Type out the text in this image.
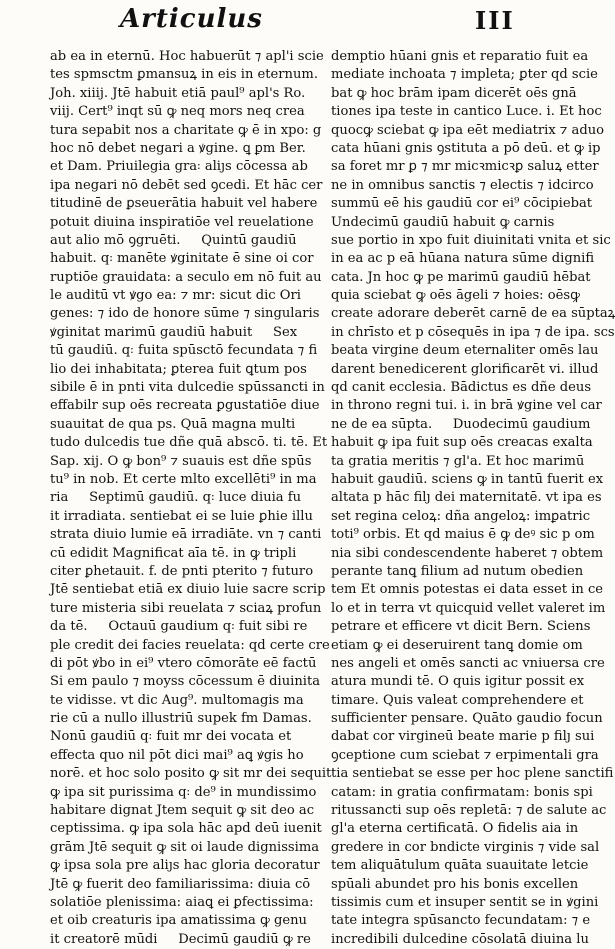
Articulus	III
ab ea in eternū. Hoc habuerūt ⁊ apl'i scie
tes spmsctm ꝑmansuꝝ in eis in eternum.
Joh. xiiij. Jtē habuit etiā paul⁹ apl's Ro.
viij. Cert⁹ inqt sū ꝙ neq mors neq crea
tura sepabit nos a charitate ꝙ ē in xpo: g
hoc nō debet negari a ꝟgine. ꝗ ꝑm Ber.
et Dam. Priuilegia gra꞉ aliȷs cōcessa ab
ipa negari nō debēt sed ꝯcedi. Et hāc cer
titudinē de ꝑseuerātia habuit vel habere
potuit diuina inspiratiōe vel reuelatione
aut alio mō ꝯgruēti.     Quintū gaudiū
habuit. q꞉ manēte ꝟginitate ē sine oi cor
ruptiōe grauidata: a seculo em nō fuit au
le auditū vt ꝟgo ea: ⁊ mr: sicut dic Ori
genes: ⁊ ido de honore sūme ⁊ singularis
ꝟginitat marimū gaudiū habuit     Sex
tū gaudiū. q꞉ fuita spūsctō fecundata ⁊ fi
lio dei inhabitata; ꝑterea fuit ꝗtum pos
sibile ē in pnti vita dulcedie spūssancti in
effabilr sup oēs recreata ꝑgustatiōe diue
suauitat de qua ps. Quā magna multi
tudo dulcedis tue dñe quā abscō. ti. tē. Et
Sap. xij. O ꝙ bon⁹ ⁊ suauis est dñe spūs
tu⁹ in nob. Et certe mlto excellēti⁹ in ma
ria     Septimū gaudiū. q꞉ luce diuia fu
it irradiata. sentiebat ei se luie ꝑhie illu
strata diuio lumie eā irradiāte. vn ⁊ canti
cū edidit Magnificat aīa tē. in ꝙ tripli
citer ꝑhetauit. f. de pnti pterito ⁊ futuro
Jtē sentiebat etiā ex diuio luie sacre scrip
ture misteria sibi reuelata ⁊ sciaꝝ profun
da tē.     Octauū gaudium q꞉ fuit sibi re
ple credit dei facies reuelata: qd certe cre
di pōt ꝟbo in ei⁹ vtero cōmorāte eē factū
Si em paulo ⁊ moyss cōcessum ē diuinita
te vidisse. vt dic Aug⁹. multomagis ma
rie cū a nullo illustriū supek fm Damas.
Nonū gaudiū q꞉ fuit mr dei vocata et
effecta quo nil pōt dici mai⁹ aꝗ ꝟgis ho
norē. et hoc solo posito ꝙ sit mr dei sequit
ꝙ ipa sit purissima q꞉ de⁹ in mundissimo
habitare dignat Jtem sequit ꝙ sit deo ac
ceptissima. ꝙ ipa sola hāc apd deū iuenit
grām Jtē sequit ꝙ sit oi laude dignissima
ꝙ ipsa sola pre aliȷs hac gloria decoratur
Jtē ꝙ fuerit deo familiarissima: diuia cō
solatiōe plenissima: aiaꝗ ei ꝑfectissima:
et oib creaturis ipa amatissima ꝙ genu
it creatorē mūdi     Decimū gaudiū ꝙ re
demptio hūani gnis et reparatio fuit ea
mediate inchoata ⁊ impleta; ꝑter qd scie
bat ꝙ hoc brām ipam dicerēt oēs gnā
tiones ipa teste in cantico Luce. i. Et hoc
quocꝙ sciebat ꝙ ipa eēt mediatrix ⁊ aduo
cata hūani gnis ꝯstituta a pō deū. et ꝙ ip
sa foret mr ꝑ ⁊ mr micꝛmicꝛꝑ saluꝝ etter
ne in omnibus sanctis ⁊ electis ⁊ idcirco
summū eē his gaudiū cor ei⁹ cōcipiebat
Undecimū gaudiū habuit ꝙ carnis
sue portio in xpo fuit diuinitati vnita et sic
in ea ac p eā hūana natura sūme dignifi
cata. Jn hoc ꝙ pe marimū gaudiū hēbat
quia sciebat ꝙ oēs āgeli ⁊ hoies: oēsꝙ
create adorare deberēt carnē de ea sūptaꝝ
in chrīsto et p cōsequēs in ipa ⁊ de ipa. scs
beata virgine deum eternaliter omēs lau
darent benedicerent glorificarēt vi. illud
qd canit ecclesia. Bādictus es dñe deus
in throno regni tui. i. in brā ꝟgine vel car
ne de ea sūpta.     Duodecimū gaudium
habuit ꝙ ipa fuit sup oēs creaꞇas exalta
ta gratia meritis ⁊ gl'a. Et hoc marimū
habuit gaudiū. sciens ꝙ in tantū fuerit ex
altata p hāc filȷ dei maternitatē. vt ipa es
set regina celoꝝ: dña angeloꝝ: imꝑatric
toti⁹ orbis. Et qd maius ē ꝙ deꝰ sic p om
nia sibi condescendente haberet ⁊ obtem
perante tanꝗ filium ad nutum obedien
tem Et omnis potestas ei data esset in ce
lo et in terra vt quicquid vellet valeret im
petrare et efficere vt dicit Bern. Sciens
etiam ꝙ ei deseruirent tanꝗ domie om
nes angeli et omēs sancti ac vniuersa cre
atura mundi tē. O quis igitur possit ex
timare. Quis valeat comprehendere et
sufficienter pensare. Quāto gaudio focun
dabat cor virgineū beate marie p filȷ sui
ꝯceptione cum sciebat ⁊ erpimentali gra
tia sentiebat se esse per hoc plene sanctifi
catam: in gratia confirmatam: bonis spi
ritussancti sup oēs repletā: ⁊ de salute ac
gl'a eterna certificatā. O fidelis aia in
gredere in cor bndicte virginis ⁊ vide sal
tem aliquātulum quāta suauitate letcie
spūali abundet pro his bonis excellen
tissimis cum et insuper sentit se in ꝟgini
tate integra spūsancto fecundatam: ⁊ e
incredibili dulcedine cōsolatā diuina lu
